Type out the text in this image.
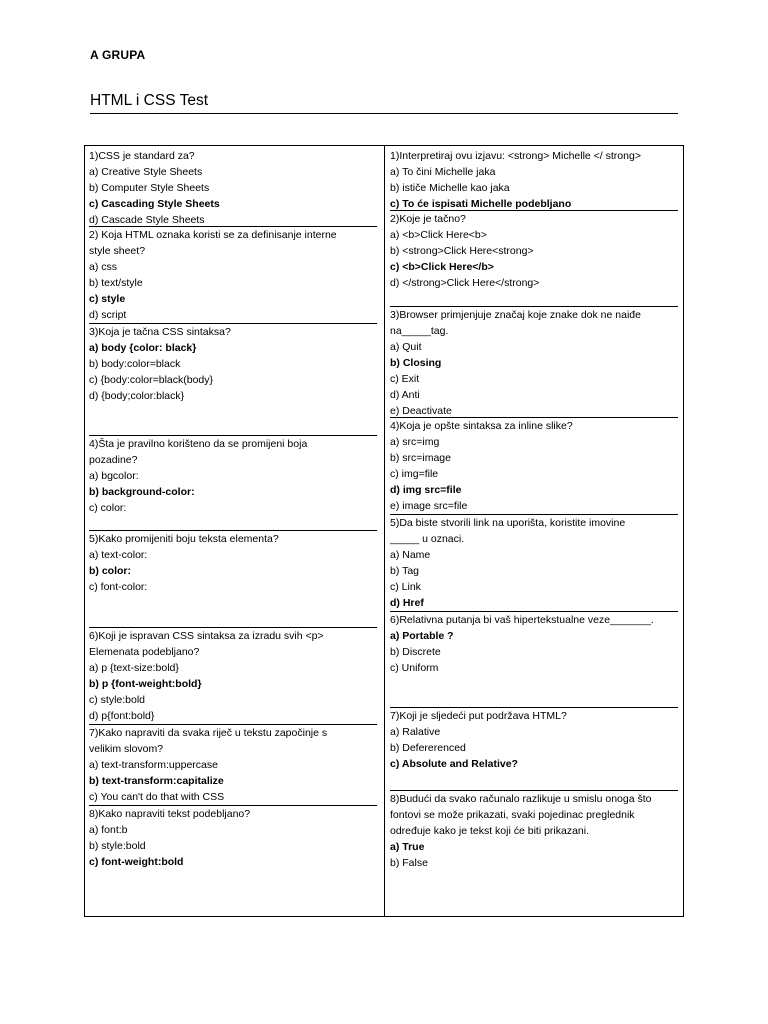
A GRUPA
HTML i CSS Test
1)CSS je standard za?
a) Creative Style Sheets
b) Computer Style Sheets
c) Cascading Style Sheets
d) Cascade Style Sheets
2) Koja HTML oznaka koristi se za definisanje interne
style sheet?
a) css
b) text/style
c) style
d) script
3)Koja je tačna CSS sintaksa?
a) body {color: black}
b) body:color=black
c) {body:color=black(body}
d) {body;color:black}
4)Šta je pravilno korišteno da se promijeni boja
pozadine?
a) bgcolor:
b) background-color:
c) color:
5)Kako promijeniti boju teksta elementa?
a) text-color:
b) color:
c) font-color:
6)Koji je ispravan CSS sintaksa za izradu svih <p>
Elemenata podebljano?
a) p {text-size:bold}
b) p {font-weight:bold}
c) style:bold
d) p{font:bold}
7)Kako napraviti da svaka riječ u tekstu započinje s
velikim slovom?
a) text-transform:uppercase
b) text-transform:capitalize
c) You can't do that with CSS
8)Kako napraviti tekst podebljano?
a) font:b
b) style:bold
c) font-weight:bold
1)Interpretiraj ovu izjavu: <strong> Michelle </ strong>
a) To čini Michelle jaka
b) ističe Michelle kao jaka
c) To će ispisati Michelle podebljano
2)Koje je tačno?
a) <b>Click Here<b>
b) <strong>Click Here<strong>
c) <b>Click Here</b>
d) </strong>Click Here</strong>
3)Browser primjenjuje značaj koje znake dok ne naiđe
na_____tag.
a) Quit
b) Closing
c) Exit
d) Anti
e) Deactivate
4)Koja je opšte sintaksa za inline slike?
a) src=img
b) src=image
c) img=file
d) img src=file
e) image src=file
5)Da biste stvorili link na uporišta, koristite imovine
_____ u oznaci.
a) Name
b) Tag
c) Link
d) Href
6)Relativna putanja bi vaš hipertekstualne veze_______.
a) Portable ?
b) Discrete
c) Uniform
7)Koji je sljedeći put podržava HTML?
a) Ralative
b) Defererenced
c) Absolute and Relative?
8)Budući da svako računalo razlikuje u smislu onoga što
fontovi se može prikazati, svaki pojedinac preglednik
određuje kako je tekst koji će biti prikazani.
a) True
b) False
